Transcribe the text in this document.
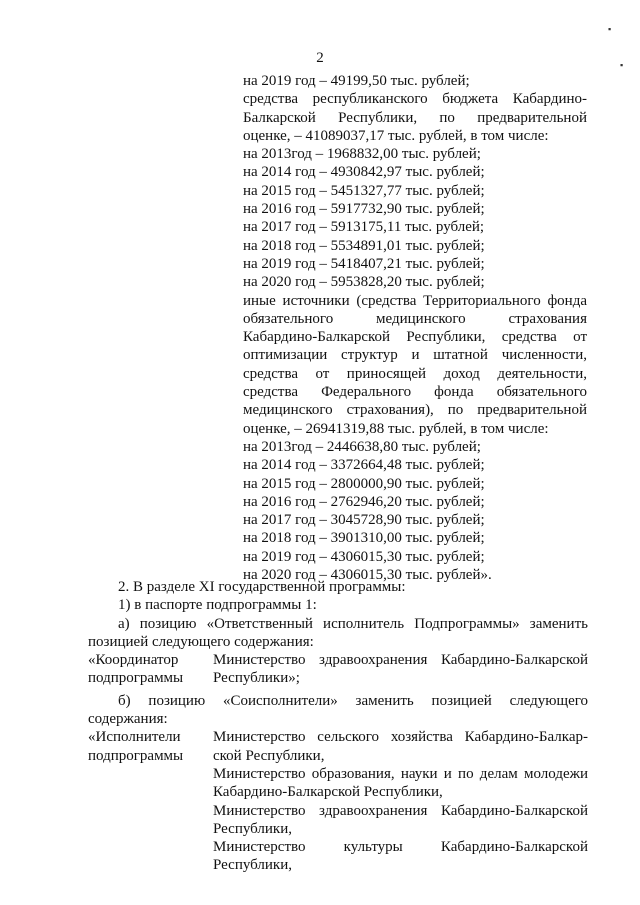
2
▪
▪
на 2019 год – 49199,50 тыс. рублей;
средства республиканского бюджета Кабардино-
Балкарской Республики, по предварительной
оценке, – 41089037,17 тыс. рублей, в том числе:
на 2013год – 1968832,00 тыс. рублей;
на 2014 год – 4930842,97 тыс. рублей;
на 2015 год – 5451327,77 тыс. рублей;
на 2016 год – 5917732,90 тыс. рублей;
на 2017 год – 5913175,11 тыс. рублей;
на 2018 год – 5534891,01 тыс. рублей;
на 2019 год – 5418407,21 тыс. рублей;
на 2020 год – 5953828,20 тыс. рублей;
иные источники (средства Территориального фонда
обязательного медицинского страхования
Кабардино-Балкарской Республики, средства от
оптимизации структур и штатной численности,
средства от приносящей доход деятельности,
средства Федерального фонда обязательного
медицинского страхования), по предварительной
оценке, – 26941319,88 тыс. рублей, в том числе:
на 2013год – 2446638,80 тыс. рублей;
на 2014 год – 3372664,48 тыс. рублей;
на 2015 год – 2800000,90 тыс. рублей;
на 2016 год – 2762946,20 тыс. рублей;
на 2017 год – 3045728,90 тыс. рублей;
на 2018 год – 3901310,00 тыс. рублей;
на 2019 год – 4306015,30 тыс. рублей;
на 2020 год – 4306015,30 тыс. рублей».
2. В разделе XI государственной программы:
1) в паспорте подпрограммы 1:
а) позицию «Ответственный исполнитель Подпрограммы» заменить
позицией следующего содержания:
«Координатор
подпрограммы
Министерство здравоохранения Кабардино-Балкарской
Республики»;
б) позицию «Соисполнители» заменить позицией следующего
содержания:
«Исполнители
подпрограммы
Министерство сельского хозяйства Кабардино-Балкар-
ской Республики,
Министерство образования, науки и по делам молодежи
Кабардино-Балкарской Республики,
Министерство здравоохранения Кабардино-Балкарской
Республики,
Министерство культуры Кабардино-Балкарской
Республики,
